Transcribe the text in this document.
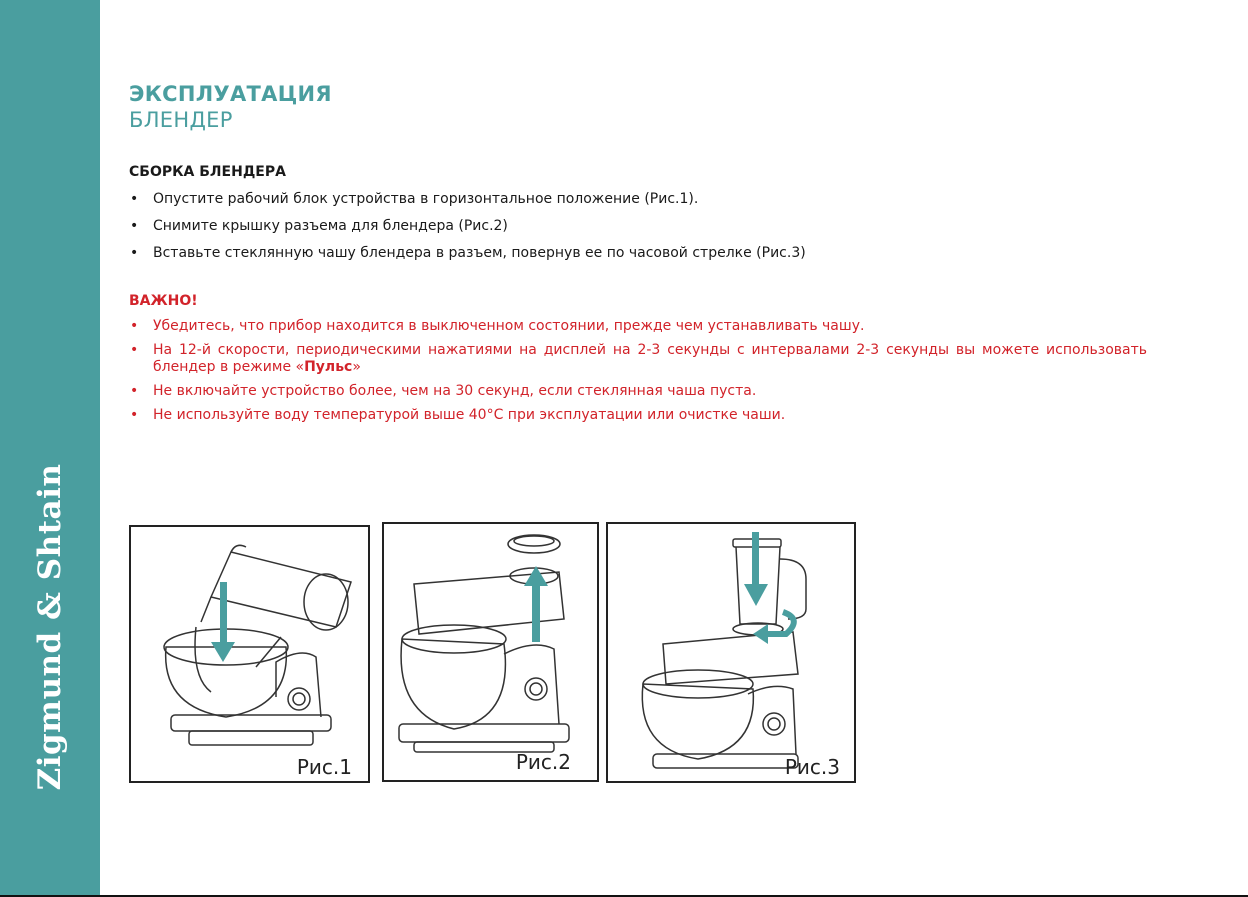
Zigmund & Shtain
ЭКСПЛУАТАЦИЯ
БЛЕНДЕР
СБОРКА БЛЕНДЕРА
• Опустите рабочий блок устройства в горизонтальное положение (Рис.1).
• Снимите крышку разъема для блендера (Рис.2)
• Вставьте стеклянную чашу блендера в разъем, повернув ее по часовой стрелке (Рис.3)
ВАЖНО!
• Убедитесь, что прибор находится в выключенном состоянии, прежде чем устанавливать чашу.
• На 12-й скорости, периодическими нажатиями на дисплей на 2-3 секунды с интервалами 2-3 секунды вы можете использовать блендер в режиме «Пульс»
• Не включайте устройство более, чем на 30 секунд, если стеклянная чаша пуста.
• Не используйте воду температурой выше 40°С при эксплуатации или очистке чаши.
Рис.1	Рис.2	Рис.3
